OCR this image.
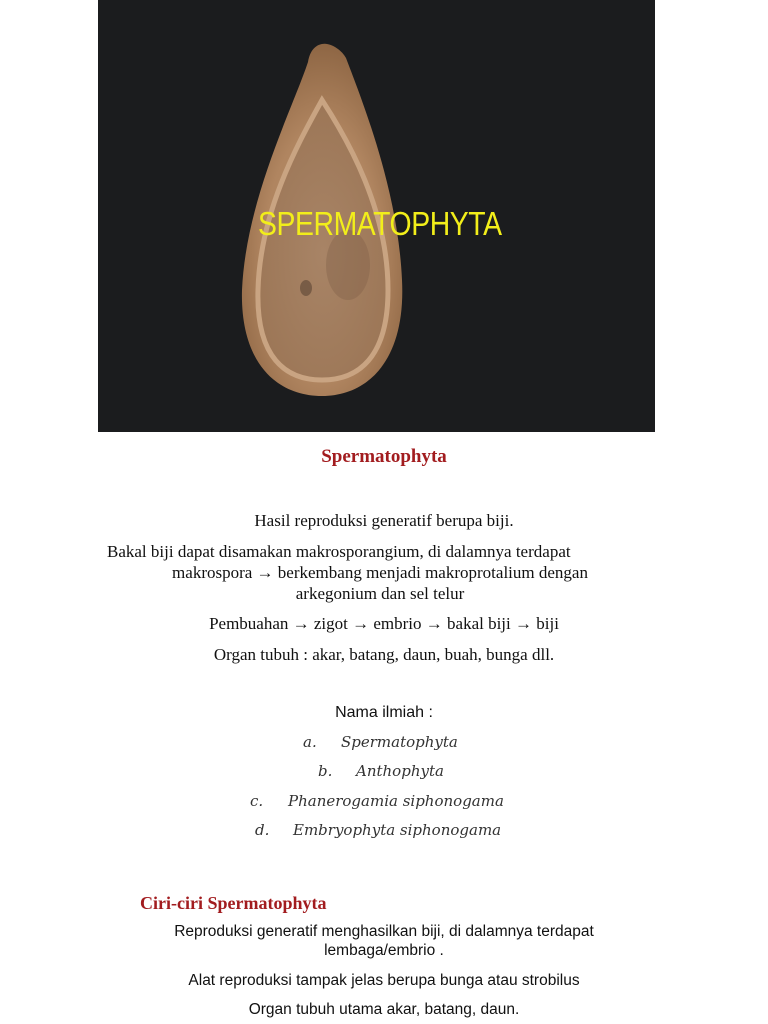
SPERMATOPHYTA
Spermatophyta
Hasil reproduksi generatif berupa biji.
Bakal biji dapat disamakan makrosporangium, di dalamnya terdapat
makrospora → berkembang menjadi makroprotalium dengan
arkegonium dan sel telur
Pembuahan → zigot → embrio → bakal biji → biji
Organ tubuh : akar, batang, daun, buah, bunga dll.
Nama ilmiah :
a. Spermatophyta
b. Anthophyta
c. Phanerogamia siphonogama
d. Embryophyta siphonogama
Ciri-ciri Spermatophyta
Reproduksi generatif menghasilkan biji, di dalamnya terdapat
lembaga/embrio .
Alat reproduksi tampak jelas berupa bunga atau strobilus
Organ tubuh utama akar, batang, daun.
